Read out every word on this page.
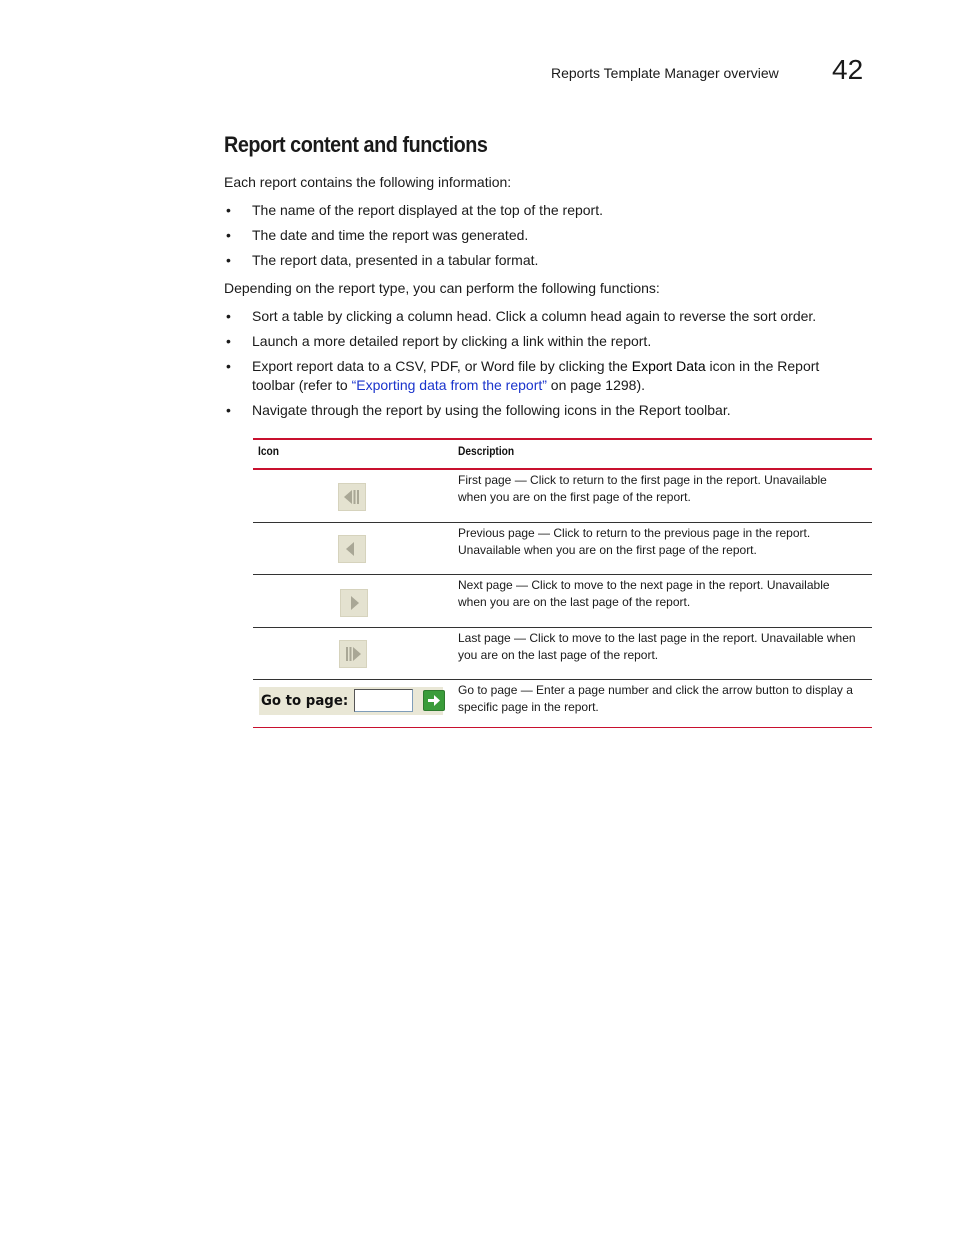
Reports Template Manager overview 42
Report content and functions
Each report contains the following information:
• The name of the report displayed at the top of the report.
• The date and time the report was generated.
• The report data, presented in a tabular format.
Depending on the report type, you can perform the following functions:
• Sort a table by clicking a column head. Click a column head again to reverse the sort order.
• Launch a more detailed report by clicking a link within the report.
• Export report data to a CSV, PDF, or Word file by clicking the Export Data icon in the Report
toolbar (refer to “Exporting data from the report” on page 1298).
• Navigate through the report by using the following icons in the Report toolbar.
Icon	Description
First page — Click to return to the first page in the report. Unavailable
when you are on the first page of the report.
Previous page — Click to return to the previous page in the report.
Unavailable when you are on the first page of the report.
Next page — Click to move to the next page in the report. Unavailable
when you are on the last page of the report.
Last page — Click to move to the last page in the report. Unavailable when
you are on the last page of the report.
Go to page:
Go to page — Enter a page number and click the arrow button to display a
specific page in the report.
